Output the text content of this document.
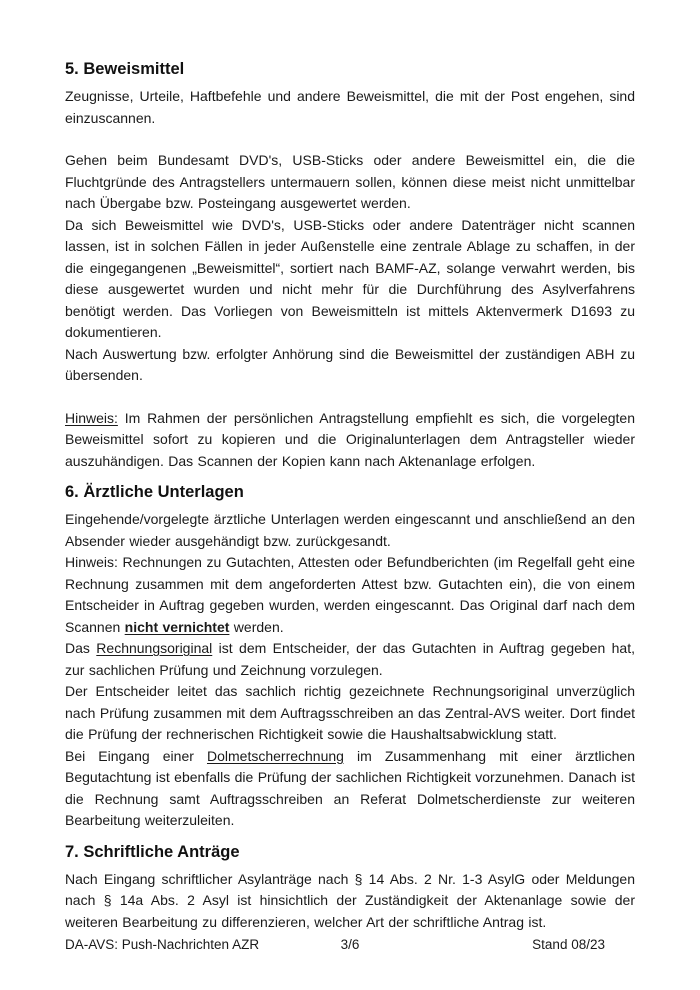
5. Beweismittel

Zeugnisse, Urteile, Haftbefehle und andere Beweismittel, die mit der Post engehen, sind einzuscannen.

Gehen beim Bundesamt DVD's, USB-Sticks oder andere Beweismittel ein, die die Fluchtgründe des Antragstellers untermauern sollen, können diese meist nicht unmittelbar nach Übergabe bzw. Posteingang ausgewertet werden.

Da sich Beweismittel wie DVD's, USB-Sticks oder andere Datenträger nicht scannen lassen, ist in solchen Fällen in jeder Außenstelle eine zentrale Ablage zu schaffen, in der die eingegangenen „Beweismittel“, sortiert nach BAMF-AZ, solange verwahrt werden, bis diese ausgewertet wurden und nicht mehr für die Durchführung des Asylverfahrens benötigt werden. Das Vorliegen von Beweismitteln ist mittels Aktenvermerk D1693 zu dokumentieren.

Nach Auswertung bzw. erfolgter Anhörung sind die Beweismittel der zuständigen ABH zu übersenden.

Hinweis: Im Rahmen der persönlichen Antragstellung empfiehlt es sich, die vorgelegten Beweismittel sofort zu kopieren und die Originalunterlagen dem Antragsteller wieder auszuhändigen. Das Scannen der Kopien kann nach Aktenanlage erfolgen.

6. Ärztliche Unterlagen

Eingehende/vorgelegte ärztliche Unterlagen werden eingescannt und anschließend an den Absender wieder ausgehändigt bzw. zurückgesandt.

Hinweis: Rechnungen zu Gutachten, Attesten oder Befundberichten (im Regelfall geht eine Rechnung zusammen mit dem angeforderten Attest bzw. Gutachten ein), die von einem Entscheider in Auftrag gegeben wurden, werden eingescannt. Das Original darf nach dem Scannen nicht vernichtet werden.

Das Rechnungsoriginal ist dem Entscheider, der das Gutachten in Auftrag gegeben hat, zur sachlichen Prüfung und Zeichnung vorzulegen.

Der Entscheider leitet das sachlich richtig gezeichnete Rechnungsoriginal unverzüglich nach Prüfung zusammen mit dem Auftragsschreiben an das Zentral-AVS weiter. Dort findet die Prüfung der rechnerischen Richtigkeit sowie die Haushaltsabwicklung statt.

Bei Eingang einer Dolmetscherrechnung im Zusammenhang mit einer ärztlichen Begutachtung ist ebenfalls die Prüfung der sachlichen Richtigkeit vorzunehmen. Danach ist die Rechnung samt Auftragsschreiben an Referat Dolmetscherdienste zur weiteren Bearbeitung weiterzuleiten.

7. Schriftliche Anträge

Nach Eingang schriftlicher Asylanträge nach § 14 Abs. 2 Nr. 1-3 AsylG oder Meldungen nach § 14a Abs. 2 Asyl ist hinsichtlich der Zuständigkeit der Aktenanlage sowie der weiteren Bearbeitung zu differenzieren, welcher Art der schriftliche Antrag ist.

DA-AVS: Push-Nachrichten AZR	3/6	Stand 08/23
